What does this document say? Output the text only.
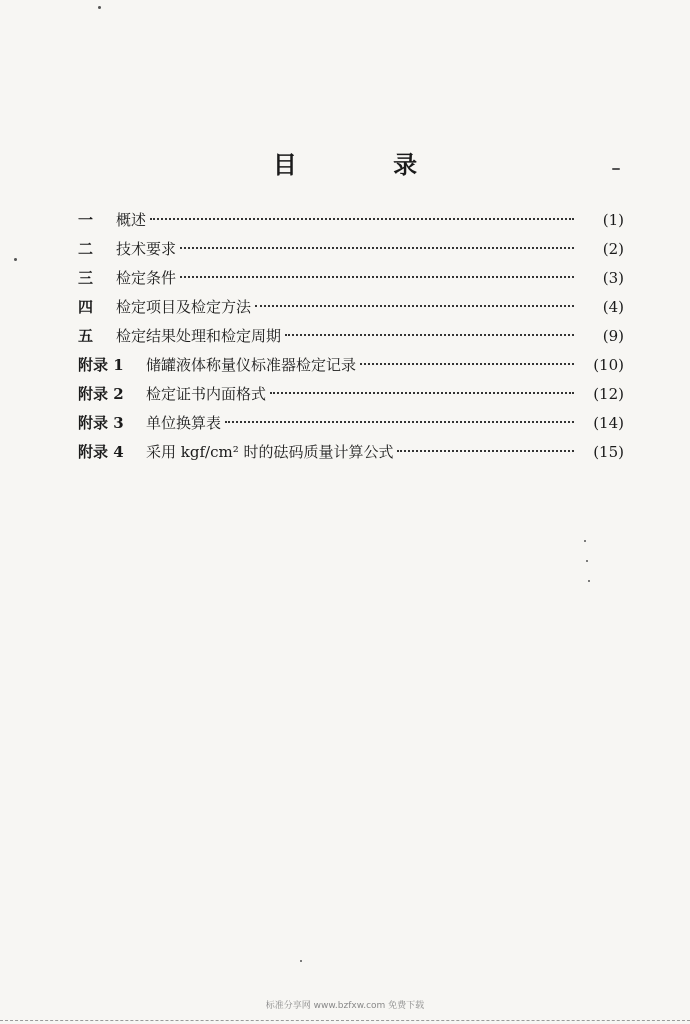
目 录
一	概述	(1)
二	技术要求	(2)
三	检定条件	(3)
四	检定项目及检定方法	(4)
五	检定结果处理和检定周期	(9)
附录 1	储罐液体称量仪标准器检定记录	(10)
附录 2	检定证书内面格式	(12)
附录 3	单位换算表	(14)
附录 4	采用 kgf/cm² 时的砝码质量计算公式	(15)
标准分享网 www.bzfxw.com 免费下载
